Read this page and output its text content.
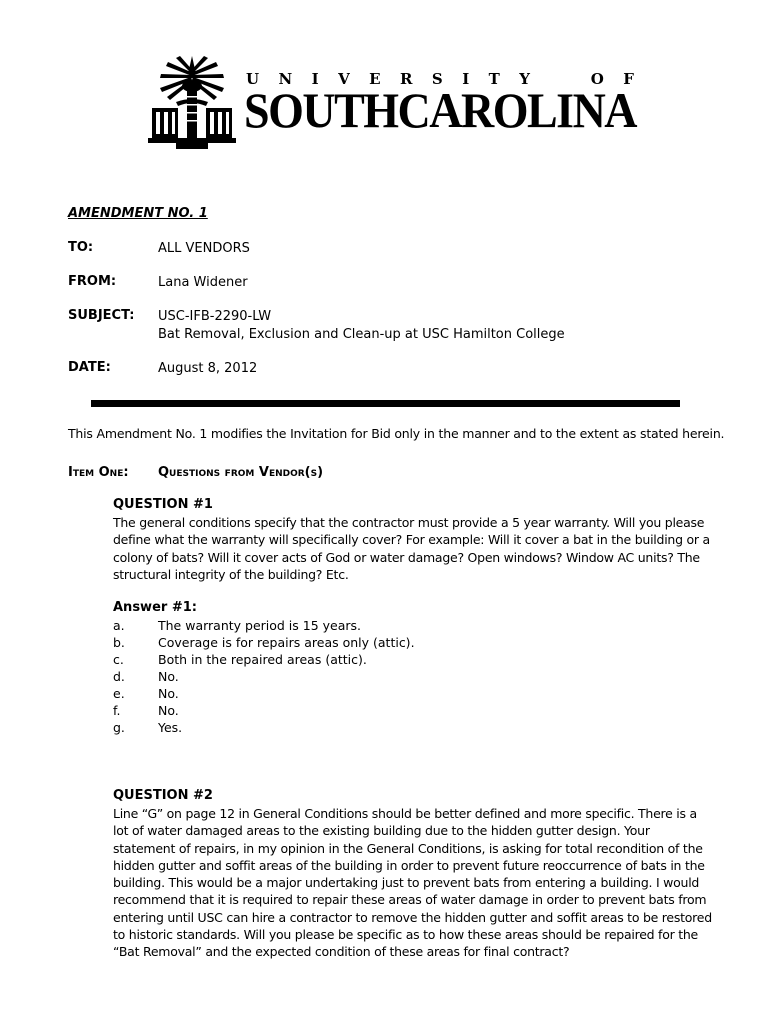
U N I V E R S I T Y	O F
SOUTHCAROLINA
AMENDMENT NO. 1
TO:	ALL VENDORS
FROM:	Lana Widener
SUBJECT: USC-IFB-2290-LW
Bat Removal, Exclusion and Clean-up at USC Hamilton College
DATE:	August 8, 2012
This Amendment No. 1 modifies the Invitation for Bid only in the manner and to the extent as stated herein.
Item One: Questions from Vendor(s)
QUESTION #1
The general conditions specify that the contractor must provide a 5 year warranty. Will you please define what the warranty will specifically cover? For example: Will it cover a bat in the building or a colony of bats? Will it cover acts of God or water damage? Open windows? Window AC units? The structural integrity of the building? Etc.
Answer #1:
a.	The warranty period is 15 years.
b.	Coverage is for repairs areas only (attic).
c.	Both in the repaired areas (attic).
d.	No.
e.	No.
f.	No.
g.	Yes.
QUESTION #2
Line “G” on page 12 in General Conditions should be better defined and more specific. There is a lot of water damaged areas to the existing building due to the hidden gutter design. Your statement of repairs, in my opinion in the General Conditions, is asking for total recondition of the hidden gutter and soffit areas of the building in order to prevent future reoccurrence of bats in the building. This would be a major undertaking just to prevent bats from entering a building. I would recommend that it is required to repair these areas of water damage in order to prevent bats from entering until USC can hire a contractor to remove the hidden gutter and soffit areas to be restored to historic standards. Will you please be specific as to how these areas should be repaired for the “Bat Removal” and the expected condition of these areas for final contract?
